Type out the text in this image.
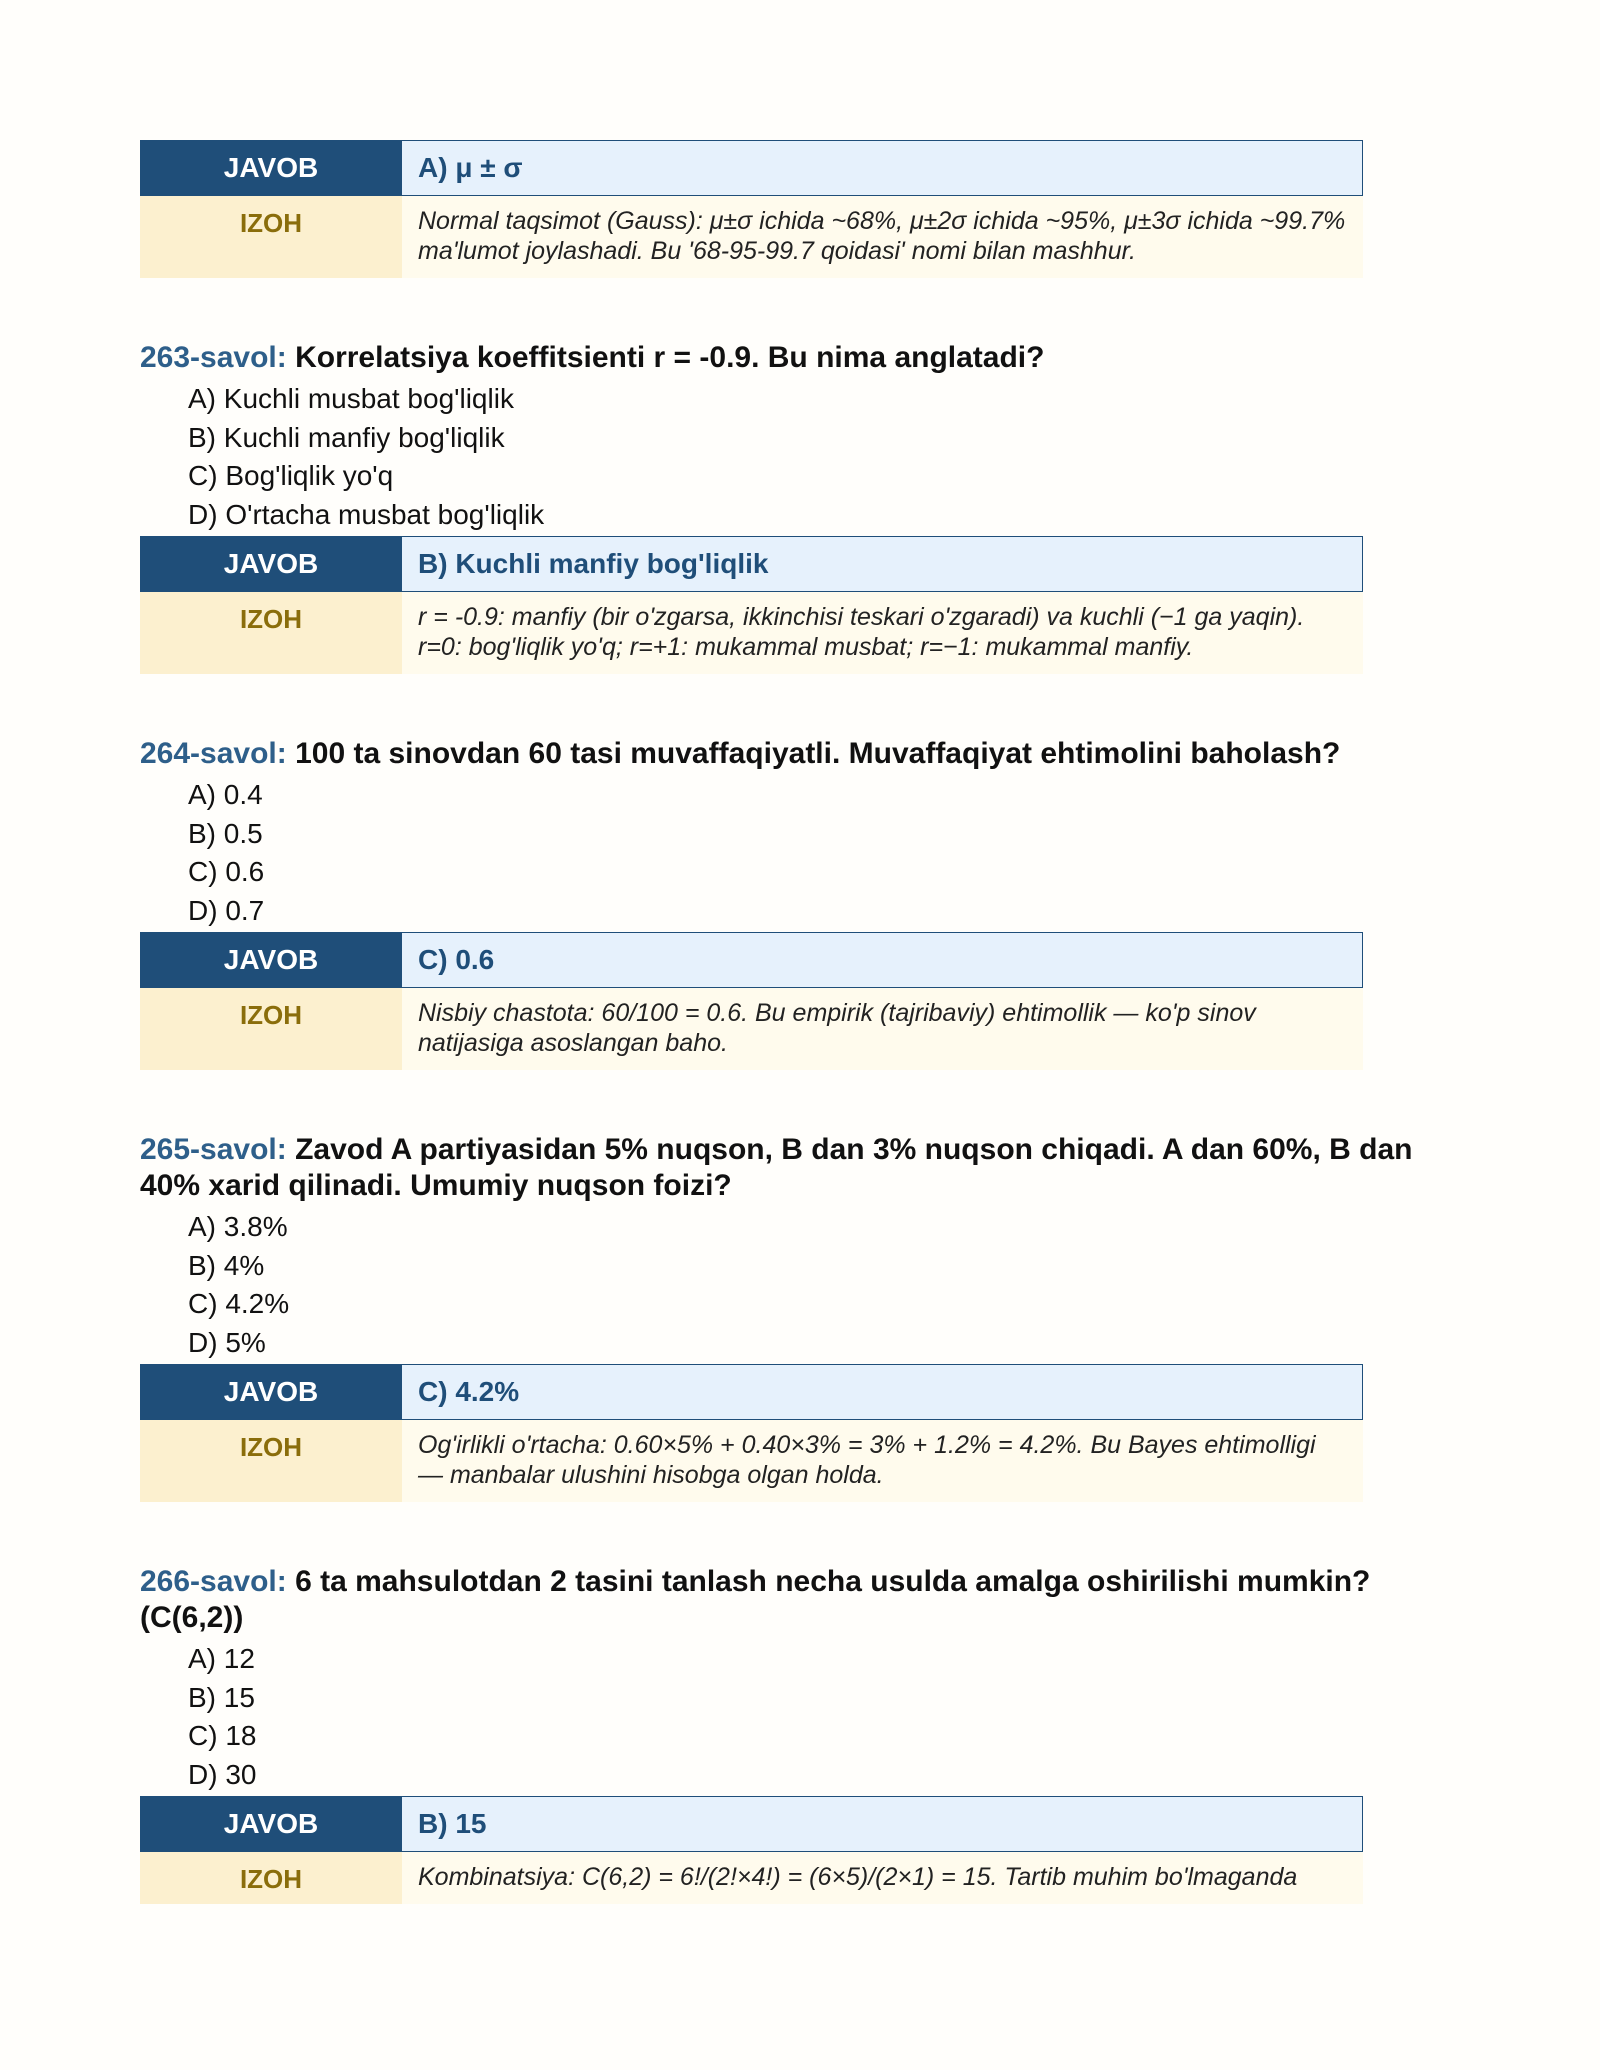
JAVOB	A) μ ± σ
IZOH	Normal taqsimot (Gauss): μ±σ ichida ~68%, μ±2σ ichida ~95%, μ±3σ ichida ~99.7% ma'lumot joylashadi. Bu '68-95-99.7 qoidasi' nomi bilan mashhur.
263-savol: Korrelatsiya koeffitsienti r = -0.9. Bu nima anglatadi?
A) Kuchli musbat bog'liqlik
B) Kuchli manfiy bog'liqlik
C) Bog'liqlik yo'q
D) O'rtacha musbat bog'liqlik
JAVOB	B) Kuchli manfiy bog'liqlik
IZOH	r = -0.9: manfiy (bir o'zgarsa, ikkinchisi teskari o'zgaradi) va kuchli (−1 ga yaqin). r=0: bog'liqlik yo'q; r=+1: mukammal musbat; r=−1: mukammal manfiy.
264-savol: 100 ta sinovdan 60 tasi muvaffaqiyatli. Muvaffaqiyat ehtimolini baholash?
A) 0.4
B) 0.5
C) 0.6
D) 0.7
JAVOB	C) 0.6
IZOH	Nisbiy chastota: 60/100 = 0.6. Bu empirik (tajribaviy) ehtimollik — ko'p sinov natijasiga asoslangan baho.
265-savol: Zavod A partiyasidan 5% nuqson, B dan 3% nuqson chiqadi. A dan 60%, B dan 40% xarid qilinadi. Umumiy nuqson foizi?
A) 3.8%
B) 4%
C) 4.2%
D) 5%
JAVOB	C) 4.2%
IZOH	Og'irlikli o'rtacha: 0.60×5% + 0.40×3% = 3% + 1.2% = 4.2%. Bu Bayes ehtimolligi — manbalar ulushini hisobga olgan holda.
266-savol: 6 ta mahsulotdan 2 tasini tanlash necha usulda amalga oshirilishi mumkin? (C(6,2))
A) 12
B) 15
C) 18
D) 30
JAVOB	B) 15
IZOH	Kombinatsiya: C(6,2) = 6!/(2!×4!) = (6×5)/(2×1) = 15. Tartib muhim bo'lmaganda
